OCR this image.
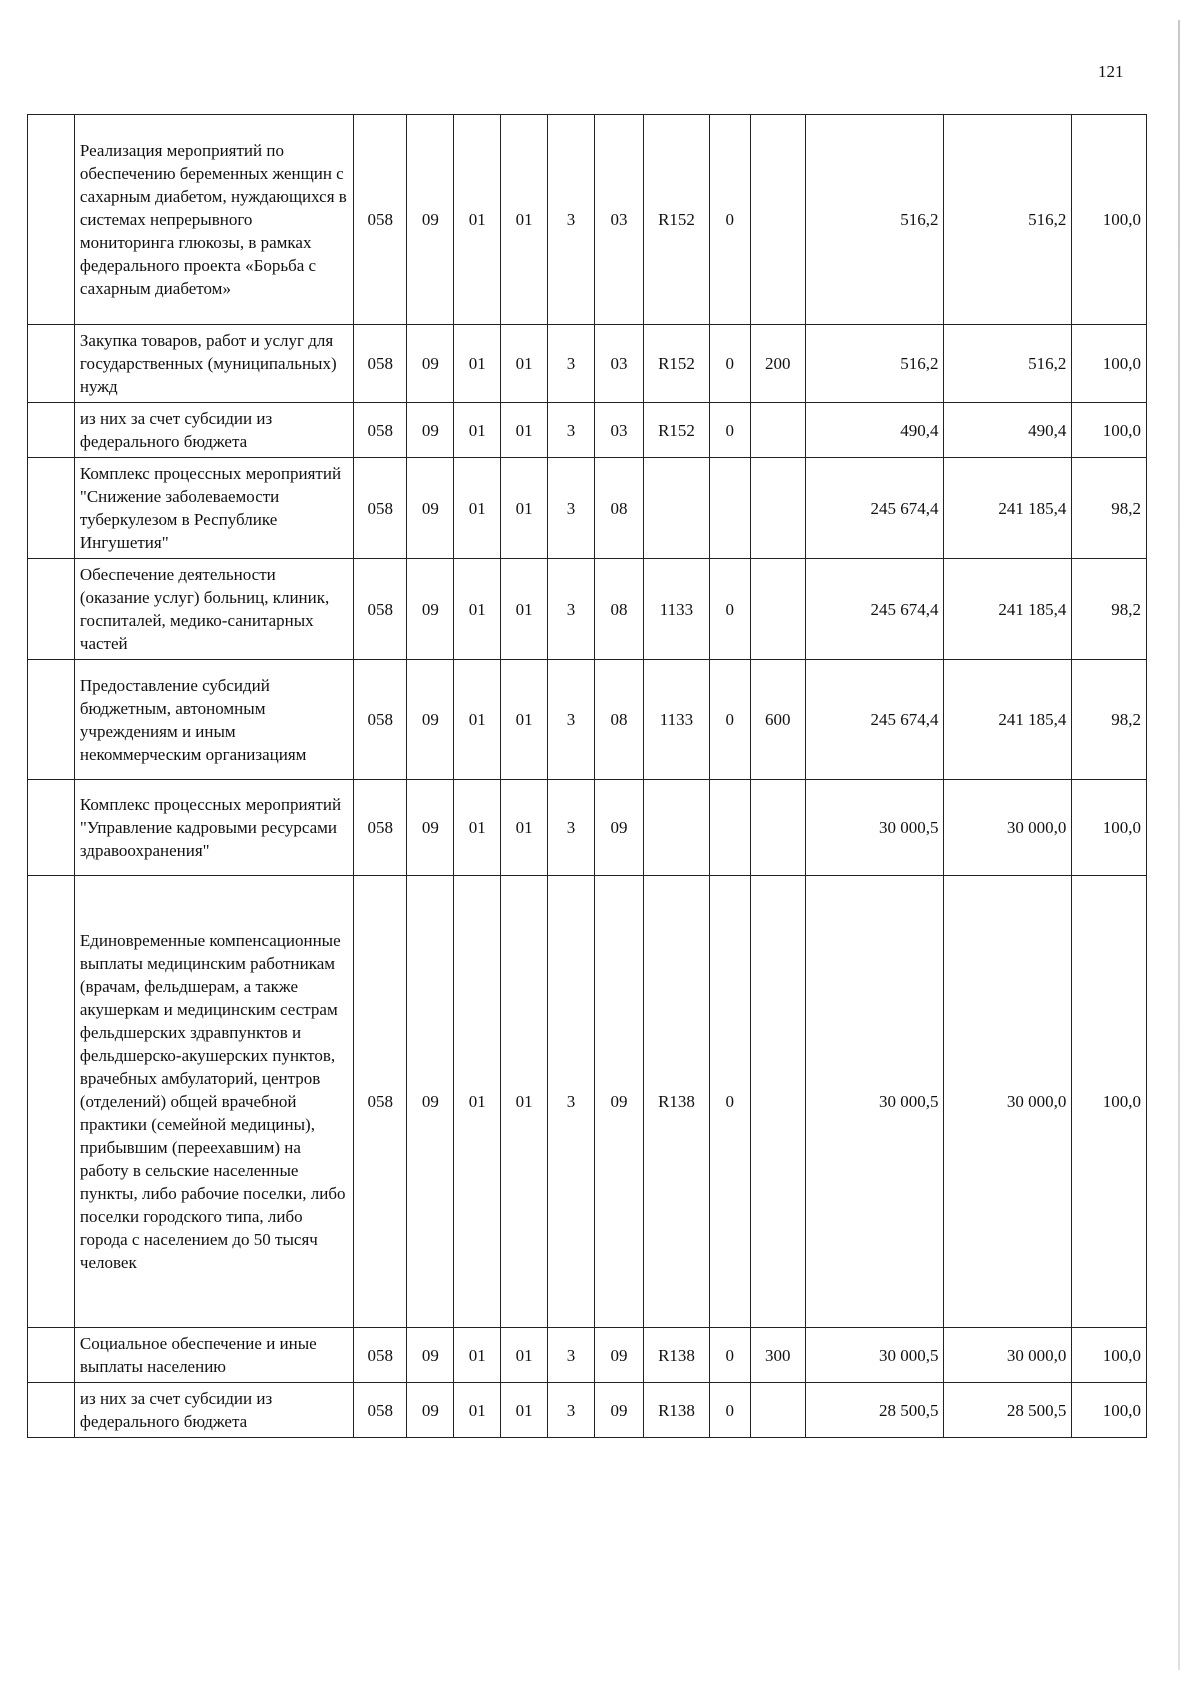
121
	Реализация мероприятий по обеспечению беременных женщин с сахарным диабетом, нуждающихся в системах непрерывного мониторинга глюкозы, в рамках федерального проекта «Борьба с сахарным диабетом»	058	09	01	01	3	03	R152	0		516,2	516,2	100,0
	Закупка товаров, работ и услуг для государственных (муниципальных) нужд	058	09	01	01	3	03	R152	0	200	516,2	516,2	100,0
	из них за счет субсидии из федерального бюджета	058	09	01	01	3	03	R152	0		490,4	490,4	100,0
	Комплекс процессных мероприятий "Снижение заболеваемости туберкулезом в Республике Ингушетия"	058	09	01	01	3	08				245 674,4	241 185,4	98,2
	Обеспечение деятельности (оказание услуг) больниц, клиник, госпиталей, медико-санитарных частей	058	09	01	01	3	08	1133	0		245 674,4	241 185,4	98,2
	Предоставление субсидий бюджетным, автономным учреждениям и иным некоммерческим организациям	058	09	01	01	3	08	1133	0	600	245 674,4	241 185,4	98,2
	Комплекс процессных мероприятий "Управление кадровыми ресурсами здравоохранения"	058	09	01	01	3	09				30 000,5	30 000,0	100,0
	Единовременные компенсационные выплаты медицинским работникам (врачам, фельдшерам, а также акушеркам и медицинским сестрам фельдшерских здравпунктов и фельдшерско-акушерских пунктов, врачебных амбулаторий, центров (отделений) общей врачебной практики (семейной медицины), прибывшим (переехавшим) на работу в сельские населенные пункты, либо рабочие поселки, либо поселки городского типа, либо города с населением до 50 тысяч человек	058	09	01	01	3	09	R138	0		30 000,5	30 000,0	100,0
	Социальное обеспечение и иные выплаты населению	058	09	01	01	3	09	R138	0	300	30 000,5	30 000,0	100,0
	из них за счет субсидии из федерального бюджета	058	09	01	01	3	09	R138	0		28 500,5	28 500,5	100,0
